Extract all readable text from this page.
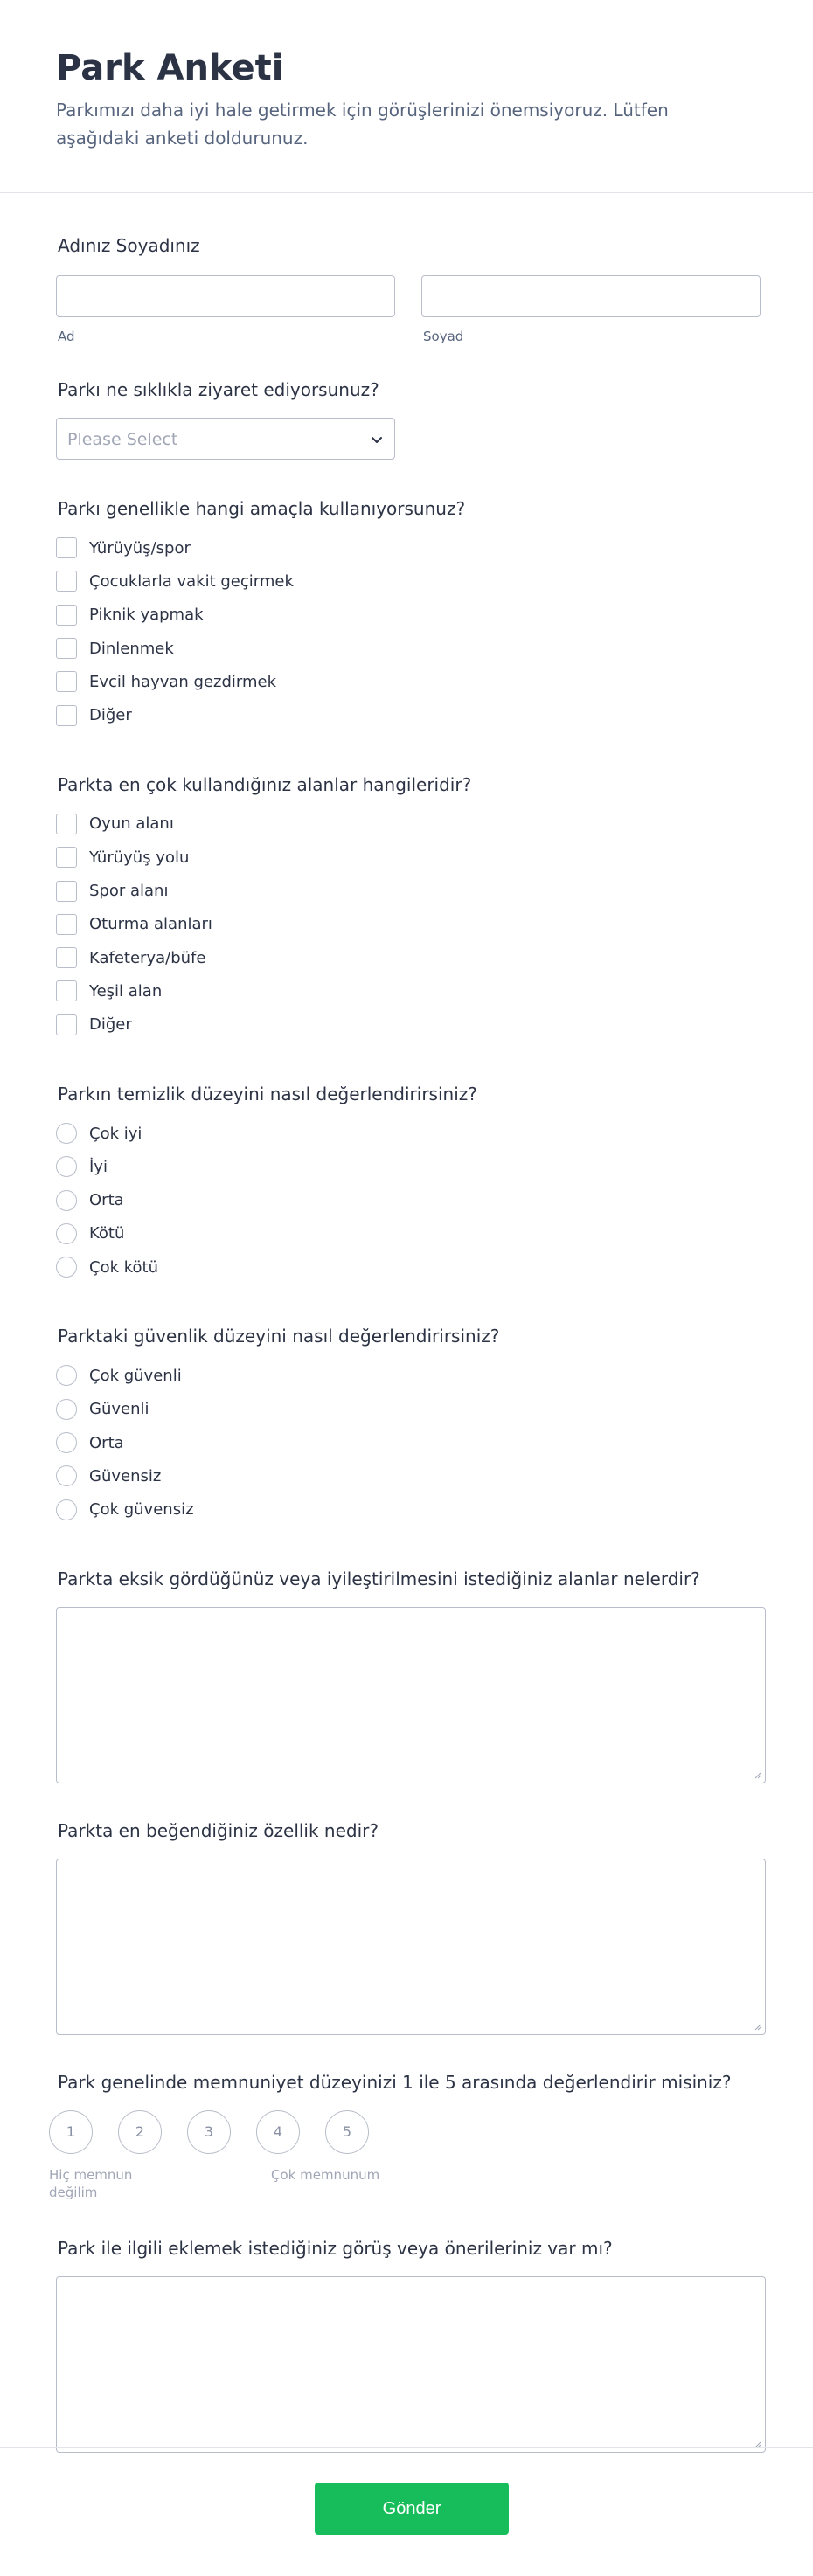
Park Anketi
Parkımızı daha iyi hale getirmek için görüşlerinizi önemsiyoruz. Lütfen aşağıdaki anketi doldurunuz.
Adınız Soyadınız
Ad	Soyad
Parkı ne sıklıkla ziyaret ediyorsunuz?
Please Select
Parkı genellikle hangi amaçla kullanıyorsunuz?
Yürüyüş/spor
Çocuklarla vakit geçirmek
Piknik yapmak
Dinlenmek
Evcil hayvan gezdirmek
Diğer
Parkta en çok kullandığınız alanlar hangileridir?
Oyun alanı
Yürüyüş yolu
Spor alanı
Oturma alanları
Kafeterya/büfe
Yeşil alan
Diğer
Parkın temizlik düzeyini nasıl değerlendirirsiniz?
Çok iyi
İyi
Orta
Kötü
Çok kötü
Parktaki güvenlik düzeyini nasıl değerlendirirsiniz?
Çok güvenli
Güvenli
Orta
Güvensiz
Çok güvensiz
Parkta eksik gördüğünüz veya iyileştirilmesini istediğiniz alanlar nelerdir?
Parkta en beğendiğiniz özellik nedir?
Park genelinde memnuniyet düzeyinizi 1 ile 5 arasında değerlendirir misiniz?
1	2	3	4	5
Hiç memnun değilim
Çok memnunum
Park ile ilgili eklemek istediğiniz görüş veya önerileriniz var mı?
Gönder
